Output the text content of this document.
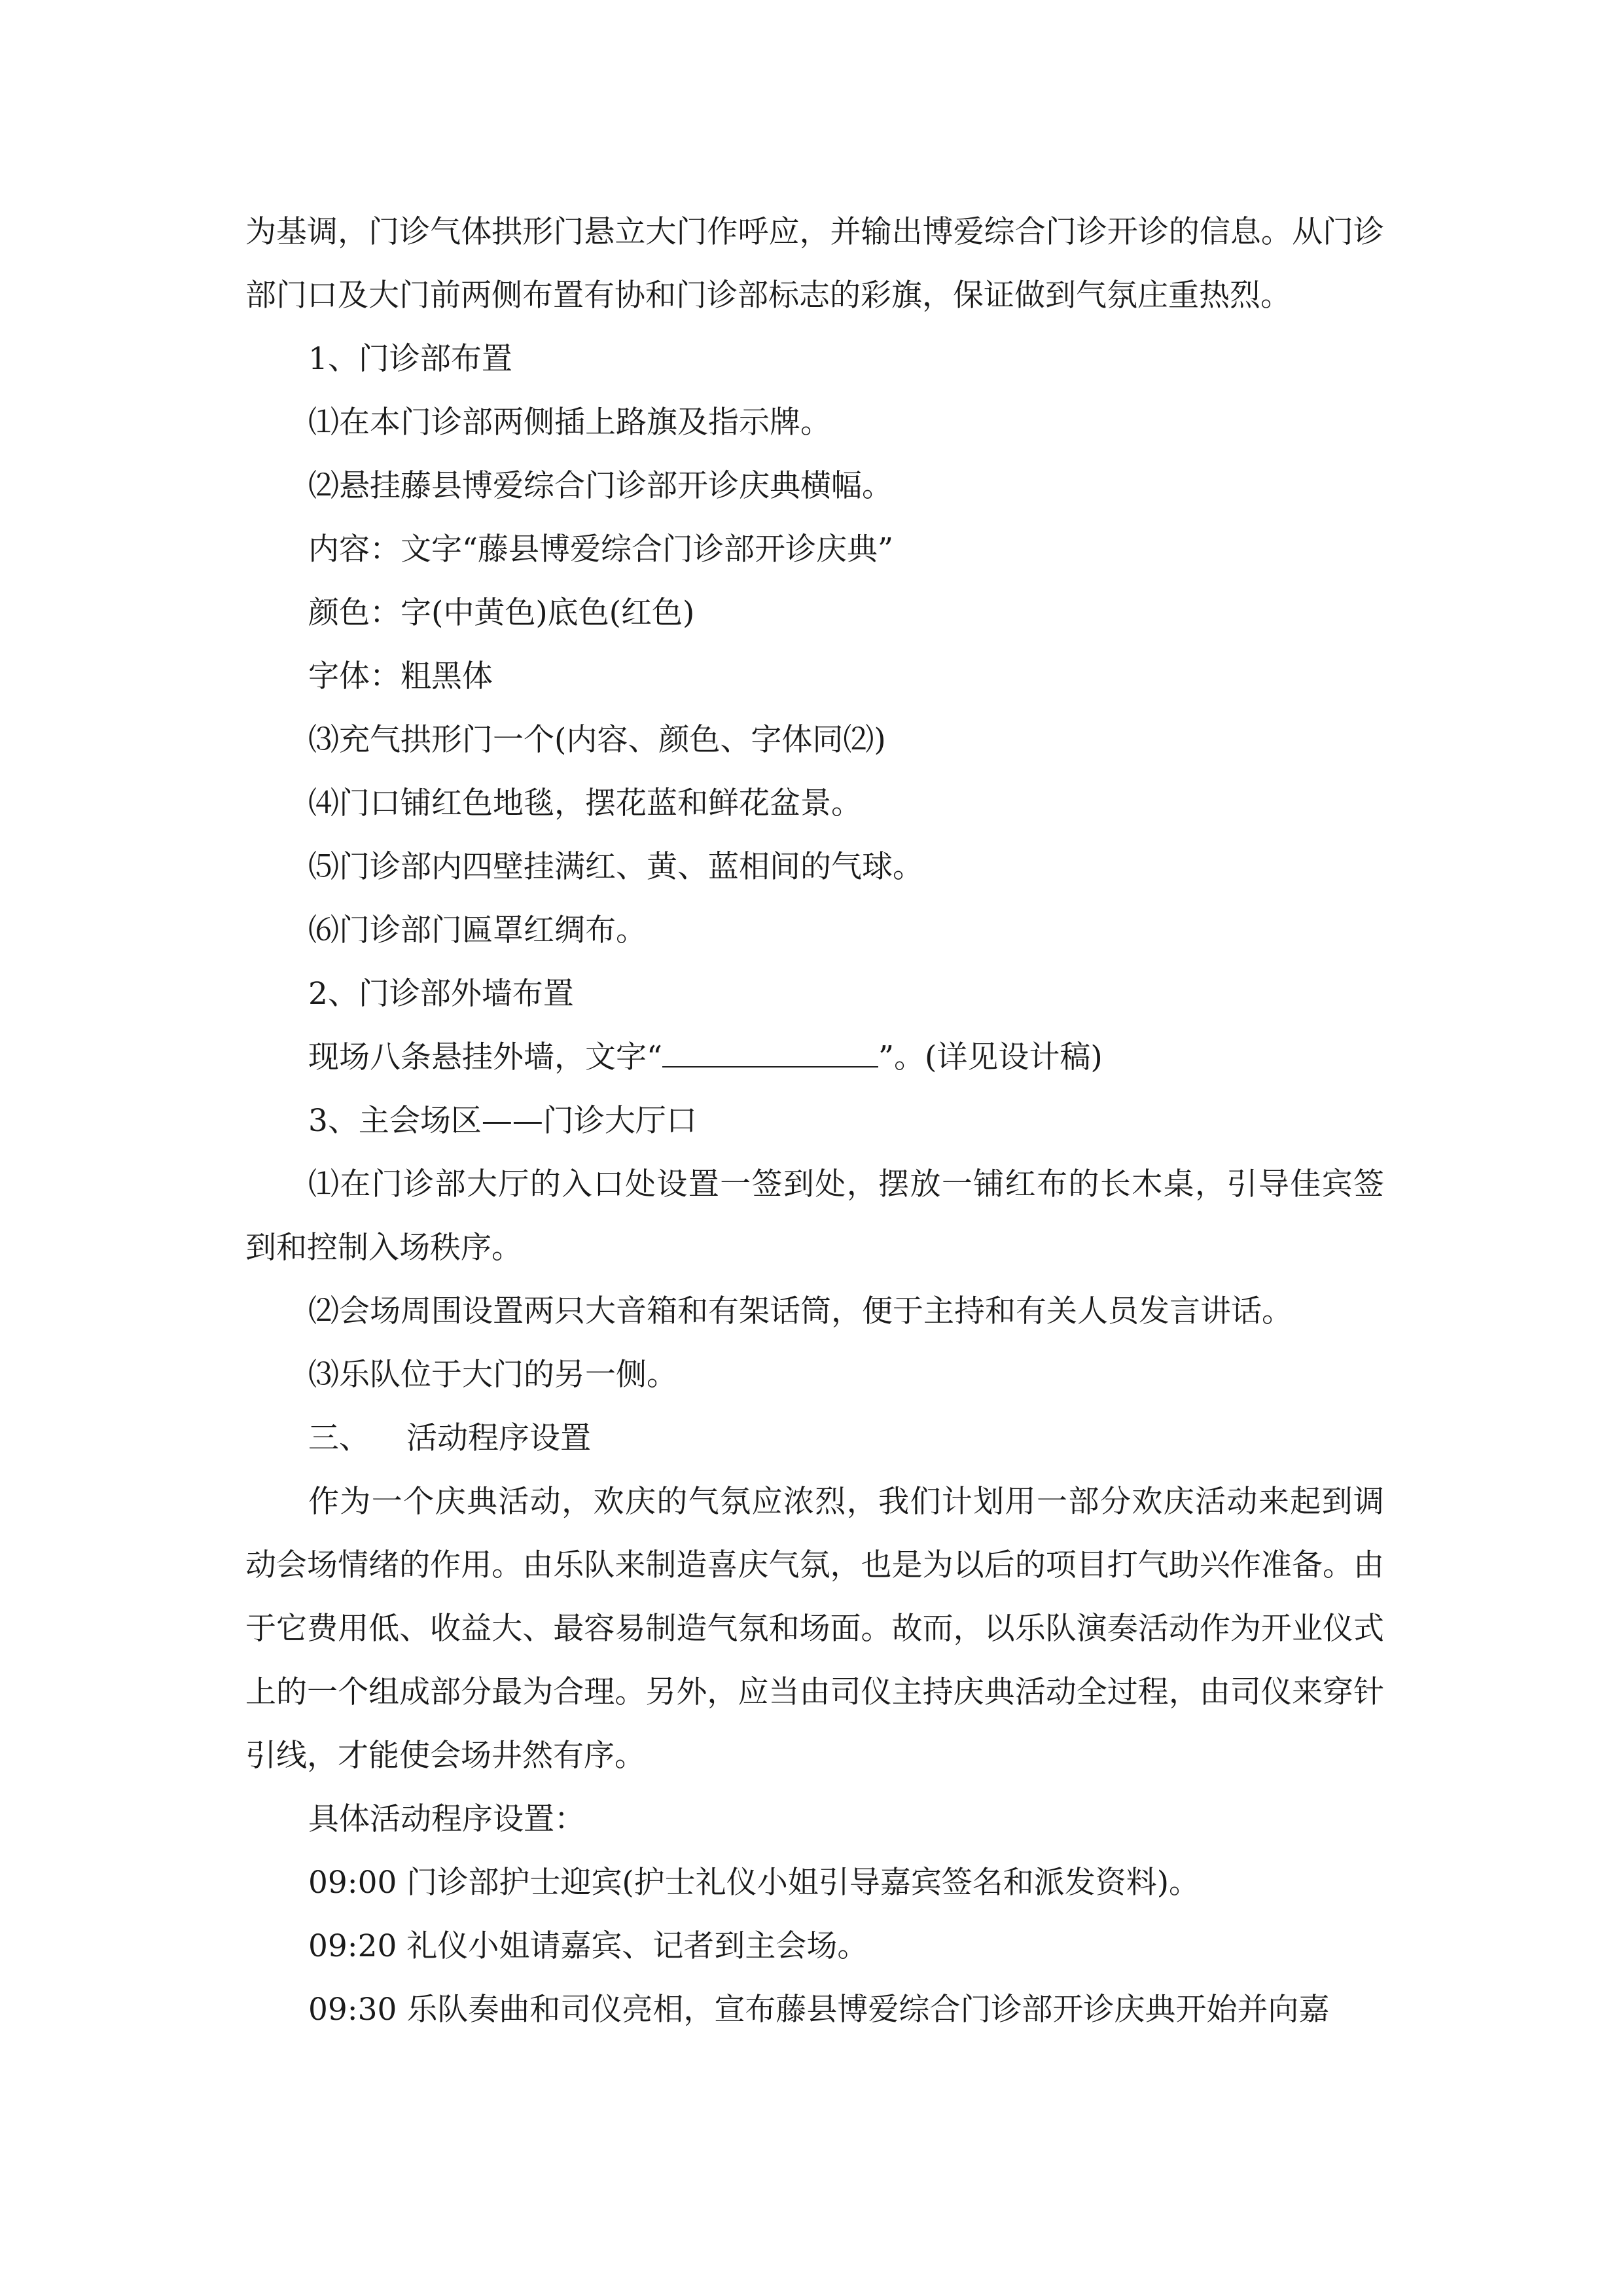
为基调，门诊气体拱形门悬立大门作呼应，并输出博爱综合门诊开诊的信息。从门诊部门口及大门前两侧布置有协和门诊部标志的彩旗，保证做到气氛庄重热烈。

1、门诊部布置

⑴在本门诊部两侧插上路旗及指示牌。

⑵悬挂藤县博爱综合门诊部开诊庆典横幅。

内容：文字“藤县博爱综合门诊部开诊庆典”

颜色：字(中黄色)底色(红色)

字体：粗黑体

⑶充气拱形门一个(内容、颜色、字体同⑵)

⑷门口铺红色地毯，摆花蓝和鲜花盆景。

⑸门诊部内四壁挂满红、黄、蓝相间的气球。

⑹门诊部门匾罩红绸布。

2、门诊部外墙布置

现场八条悬挂外墙，文字“	”。(详见设计稿)

3、主会场区——门诊大厅口

⑴在门诊部大厅的入口处设置一签到处，摆放一铺红布的长木桌，引导佳宾签到和控制入场秩序。

⑵会场周围设置两只大音箱和有架话筒，便于主持和有关人员发言讲话。

⑶乐队位于大门的另一侧。

三、 活动程序设置

作为一个庆典活动，欢庆的气氛应浓烈，我们计划用一部分欢庆活动来起到调动会场情绪的作用。由乐队来制造喜庆气氛，也是为以后的项目打气助兴作准备。由于它费用低、收益大、最容易制造气氛和场面。故而，以乐队演奏活动作为开业仪式上的一个组成部分最为合理。另外，应当由司仪主持庆典活动全过程，由司仪来穿针引线，才能使会场井然有序。

具体活动程序设置：

09:00 门诊部护士迎宾(护士礼仪小姐引导嘉宾签名和派发资料)。

09:20 礼仪小姐请嘉宾、记者到主会场。

09:30 乐队奏曲和司仪亮相，宣布藤县博爱综合门诊部开诊庆典开始并向嘉
